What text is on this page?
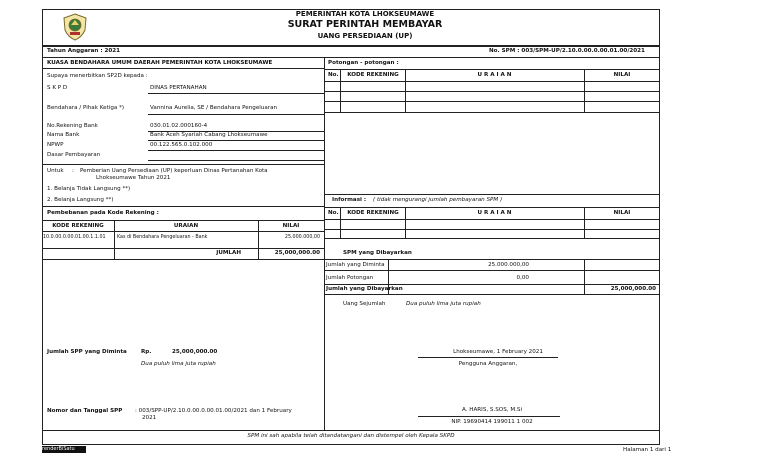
PEMERINTAH KOTA LHOKSEUMAWE
SURAT PERINTAH MEMBAYAR
UANG PERSEDIAAN (UP)
Tahun Anggaran : 2021	No. SPM : 003/SPM-UP/2.10.0.00.0.00.01.00/2021
KUASA BENDAHARA UMUM DAERAH PEMERINTAH KOTA LHOKSEUMAWE
Supaya menerbitkan SP2D kepada :
S K P D	DINAS PERTANAHAN
Bendahara / Pihak Ketiga *)	Vannina Aurelia, SE / Bendahara Pengeluaran
No.Rekening Bank	030.01.02.000160-4
Nama Bank	Bank Aceh Syariah Cabang Lhokseumawe
NPWP	00.122.565.0.102.000
Dasar Pembayaran
Untuk : Pemberian Uang Persediaan (UP) keperluan Dinas Pertanahan Kota
Lhokseumawe Tahun 2021
1. Belanja Tidak Langsung **)
2. Belanja Langsung **)
Pembebanan pada Kode Rekening :
KODE REKENING	URAIAN	NILAI
10.0.00.0.00.01.00.1.1.01 Kas di Bendahara Pengeluaran - Bank	25.000.000,00
JUMLAH	25,000,000.00
Jumlah SPP yang Diminta	Rp.	25,000,000.00
Dua puluh lima juta rupiah
Nomor dan Tanggal SPP : 003/SPP-UP/2.10.0.00.0.00.01.00/2021 dan 1 February
2021
Potongan - potongan :
No.	KODE REKENING	U R A I A N	NILAI
Informasi : ( tidak mengurangi jumlah pembayaran SPM )
No.	KODE REKENING	U R A I A N	NILAI
SPM yang Dibayarkan
Jumlah yang Diminta	25.000.000,00
Jumlah Potongan	0,00
Jumlah yang Dibayarkan	25,000,000.00
Uang Sejumlah	Dua puluh lima juta rupiah
Lhokseumawe, 1 February 2021
Pengguna Anggaran,
A. HARIS, S.SOS, M.Si
NIP. 19690414 199011 1 002
SPM ini sah apabila telah ditandatangani dan distempel oleh Kepala SKPD
renderBiSatu	Halaman 1 dari 1
